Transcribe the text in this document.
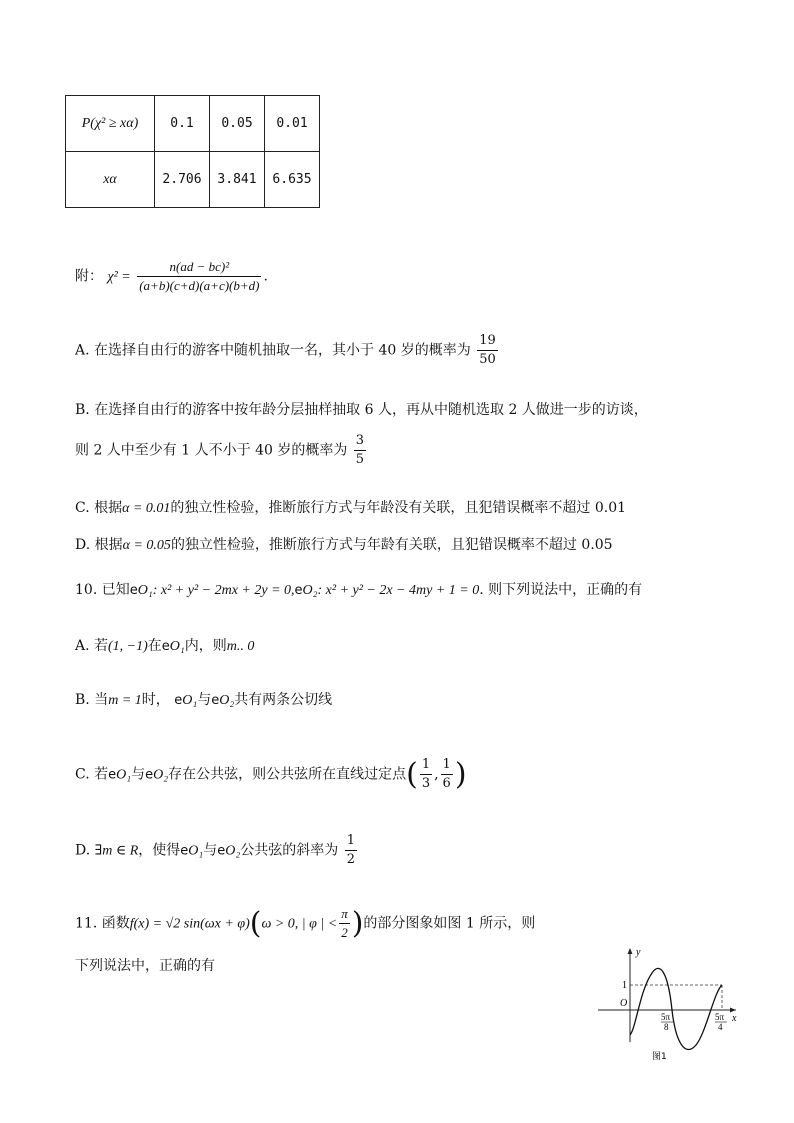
P(χ² ≥ xα)	0.1	0.05	0.01
xα	2.706	3.841	6.635
附： $\chi^2 = \frac{\text{n(ad − bc)²}}{(a+b)(c+d)(a+c)(b+d)}$ .
A. 在选择自由行的游客中随机抽取一名，其小于 40 岁的概率为 $\frac{19}{50}$
B. 在选择自由行的游客中按年龄分层抽样抽取 6 人，再从中随机选取 2 人做进一步的访谈，
则 2 人中至少有 1 人不小于 40 岁的概率为 $\frac{3}{5}$
C. 根据α = 0.01的独立性检验，推断旅行方式与年龄没有关联，且犯错误概率不超过 0.01
D. 根据α = 0.05的独立性检验，推断旅行方式与年龄有关联，且犯错误概率不超过 0.05
10. 已知eO₁: x² + y² − 2mx + 2y = 0,eO₂: x² + y² − 2x − 4my + 1 = 0. 则下列说法中，正确的有
A. 若(1, −1)在eO₁内，则m.. 0
B. 当m = 1时， eO₁与eO₂共有两条公切线
C. 若eO₁与eO₂存在公共弦，则公共弦所在直线过定点( $\frac{1}{3}$ , $\frac{1}{6}$ )
D. ∃m ∈ R，使得eO₁与eO₂公共弦的斜率为 $\frac{1}{2}$
11. 函数f(x) = √2 sin(ωx + φ)(ω > 0, | φ | < $\frac{\pi}{2}$ )的部分图象如图 1 所示，则
下列说法中，正确的有
y
x
O
1
5π
8
5π
4
图1
